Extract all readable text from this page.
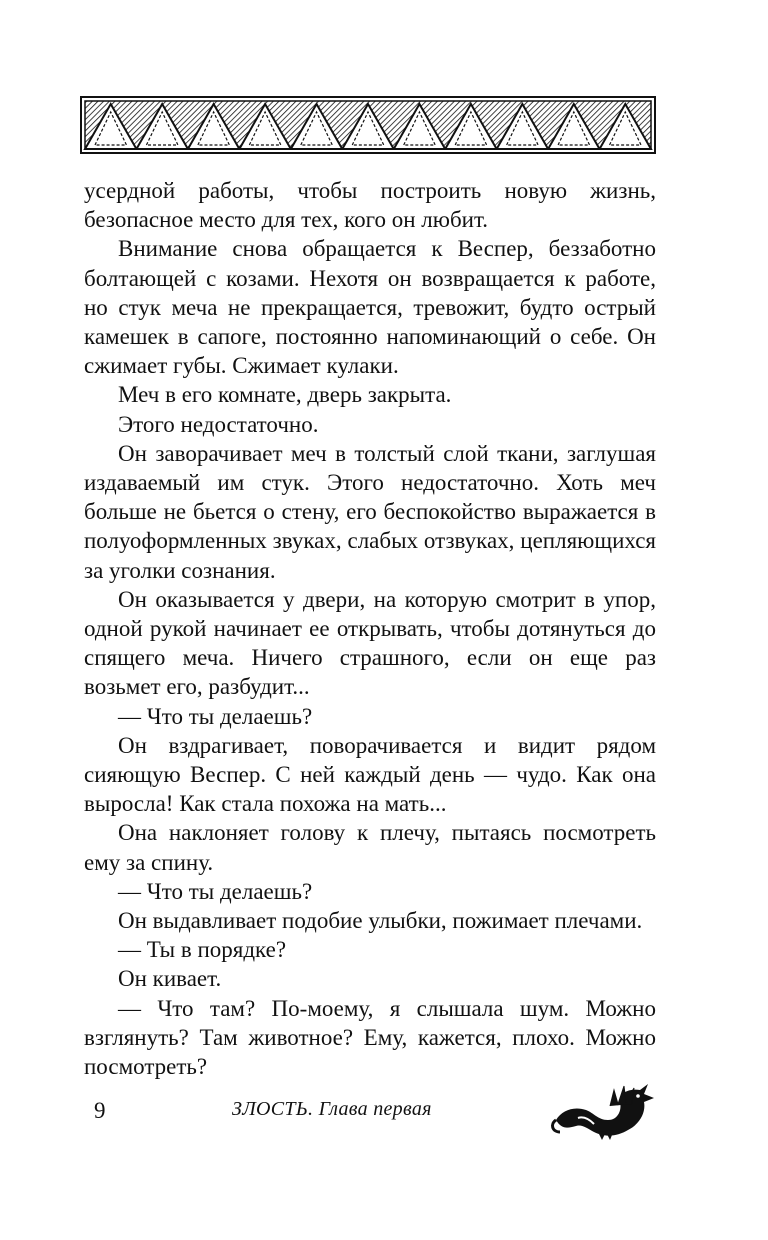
усердной работы, чтобы построить новую жизнь, безопасное место для тех, кого он любит.

Внимание снова обращается к Веспер, беззаботно болтающей с козами. Нехотя он возвращается к работе, но стук меча не прекращается, тревожит, будто острый камешек в сапоге, постоянно напоминающий о себе. Он сжимает губы. Сжимает кулаки.

Меч в его комнате, дверь закрыта.

Этого недостаточно.

Он заворачивает меч в толстый слой ткани, заглушая издаваемый им стук. Этого недостаточно. Хоть меч больше не бьется о стену, его беспокойство выражается в полуоформленных звуках, слабых отзвуках, цепляющихся за уголки сознания.

Он оказывается у двери, на которую смотрит в упор, одной рукой начинает ее открывать, чтобы дотянуться до спящего меча. Ничего страшного, если он еще раз возьмет его, разбудит...

— Что ты делаешь?

Он вздрагивает, поворачивается и видит рядом сияющую Веспер. С ней каждый день — чудо. Как она выросла! Как стала похожа на мать...

Она наклоняет голову к плечу, пытаясь посмотреть ему за спину.

— Что ты делаешь?

Он выдавливает подобие улыбки, пожимает плечами.

— Ты в порядке?

Он кивает.

— Что там? По-моему, я слышала шум. Можно взглянуть? Там животное? Ему, кажется, плохо. Можно посмотреть?

9	ЗЛОСТЬ. Глава первая
